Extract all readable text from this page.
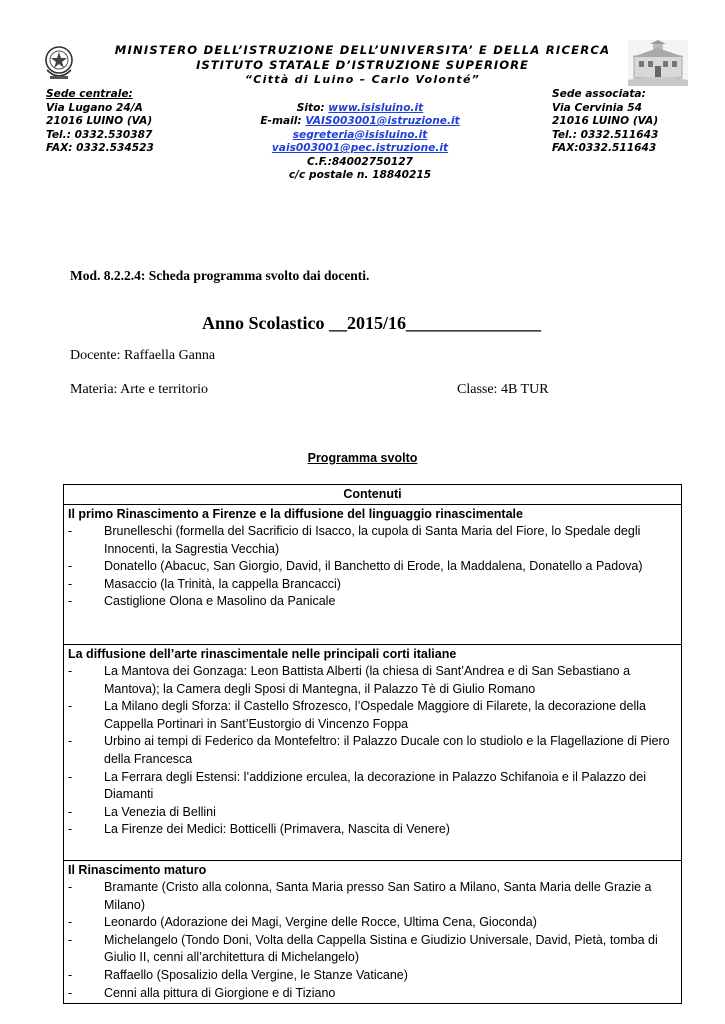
MINISTERO DELL’ISTRUZIONE DELL’UNIVERSITA’ E DELLA RICERCA
ISTITUTO STATALE D’ISTRUZIONE SUPERIORE
“Città di Luino – Carlo Volonté”
Sede centrale:
Via Lugano 24/A
21016 LUINO (VA)
Tel.: 0332.530387
FAX: 0332.534523

Sito: www.isisluino.it
E-mail: VAIS003001@istruzione.it
segreteria@isisluino.it
vais003001@pec.istruzione.it
C.F.:84002750127
c/c postale n. 18840215
Sede associata:
Via Cervinia 54
21016 LUINO (VA)
Tel.: 0332.511643
FAX:0332.511643
Mod. 8.2.2.4: Scheda programma svolto dai docenti.
Anno Scolastico __2015/16_______________
Docente: Raffaella Ganna
Materia: Arte e territorio	Classe: 4B TUR
Programma svolto
Contenuti
Il primo Rinascimento a Firenze e la diffusione del linguaggio rinascimentale
-	Brunelleschi (formella del Sacrificio di Isacco, la cupola di Santa Maria del Fiore, lo Spedale degli Innocenti, la Sagrestia Vecchia)
-	Donatello (Abacuc, San Giorgio, David, il Banchetto di Erode, la Maddalena, Donatello a Padova)
-	Masaccio (la Trinità, la cappella Brancacci)
-	Castiglione Olona e Masolino da Panicale
La diffusione dell’arte rinascimentale nelle principali corti italiane
-	La Mantova dei Gonzaga: Leon Battista Alberti (la chiesa di Sant’Andrea e di San Sebastiano a Mantova); la Camera degli Sposi di Mantegna, il Palazzo Tè di Giulio Romano
-	La Milano degli Sforza: il Castello Sfrozesco, l’Ospedale Maggiore di Filarete, la decorazione della Cappella Portinari in Sant’Eustorgio di Vincenzo Foppa
-	Urbino ai tempi di Federico da Montefeltro: il Palazzo Ducale con lo studiolo e la Flagellazione di Piero della Francesca
-	La Ferrara degli Estensi: l’addizione erculea, la decorazione in Palazzo Schifanoia e il Palazzo dei Diamanti
-	La Venezia di Bellini
-	La Firenze dei Medici: Botticelli (Primavera, Nascita di Venere)
Il Rinascimento maturo
-	Bramante (Cristo alla colonna, Santa Maria presso San Satiro a Milano, Santa Maria delle Grazie a Milano)
-	Leonardo (Adorazione dei Magi, Vergine delle Rocce, Ultima Cena, Gioconda)
-	Michelangelo (Tondo Doni, Volta della Cappella Sistina e Giudizio Universale, David, Pietà, tomba di Giulio II, cenni all’architettura di Michelangelo)
-	Raffaello (Sposalizio della Vergine, le Stanze Vaticane)
-	Cenni alla pittura di Giorgione e di Tiziano
